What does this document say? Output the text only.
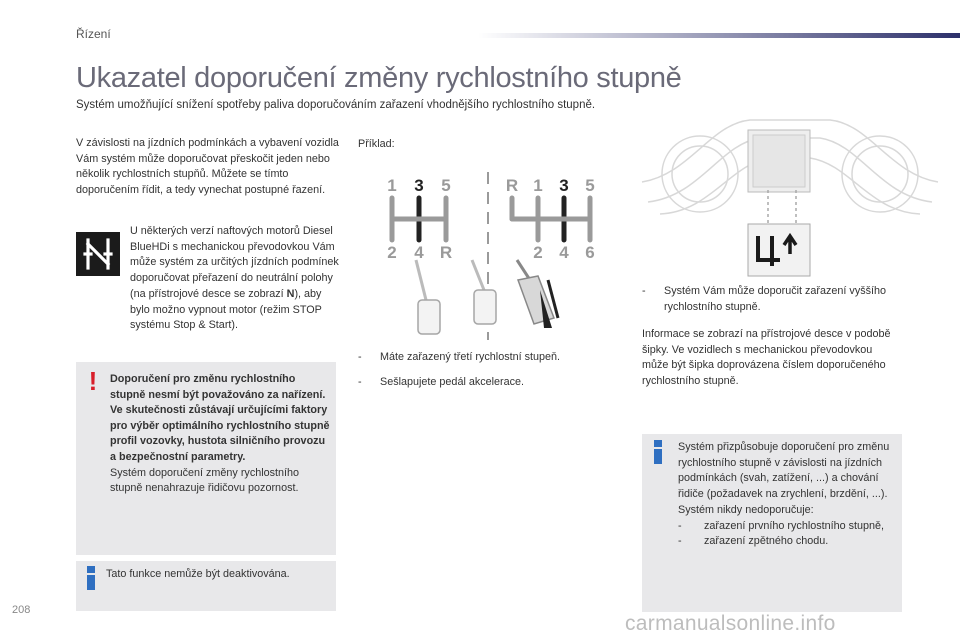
Řízení
Ukazatel doporučení změny rychlostního stupně
Systém umožňující snížení spotřeby paliva doporučováním zařazení vhodnějšího rychlostního stupně.
V závislosti na jízdních podmínkách a vybavení vozidla Vám systém může doporučovat přeskočit jeden nebo několik rychlostních stupňů. Můžete se tímto doporučením řídit, a tedy vynechat postupné řazení.
U některých verzí naftových motorů Diesel BlueHDi s mechanickou převodovkou Vám může systém za určitých jízdních podmínek doporučovat přeřazení do neutrální polohy (na přístrojové desce se zobrazí N), aby bylo možno vypnout motor (režim STOP systému Stop & Start).
! Doporučení pro změnu rychlostního stupně nesmí být považováno za nařízení.
Ve skutečnosti zůstávají určujícími faktory pro výběr optimálního rychlostního stupně profil vozovky, hustota silničního provozu a bezpečnostní parametry.
Systém doporučení změny rychlostního stupně nenahrazuje řidičovu pozornost.
Tato funkce nemůže být deaktivována.
Příklad:
1 3 5
2 4 R
R 1 3 5
2 4 6
-	Máte zařazený třetí rychlostní stupeň.
-	Sešlapujete pedál akcelerace.
-	Systém Vám může doporučit zařazení vyššího rychlostního stupně.
Informace se zobrazí na přístrojové desce v podobě šipky. Ve vozidlech s mechanickou převodovkou může být šipka doprovázena číslem doporučeného rychlostního stupně.
Systém přizpůsobuje doporučení pro změnu rychlostního stupně v závislosti na jízdních podmínkách (svah, zatížení, ...) a chování řidiče (požadavek na zrychlení, brzdění, ...). Systém nikdy nedoporučuje:
-	zařazení prvního rychlostního stupně,
-	zařazení zpětného chodu.
208
carmanualsonline.info
